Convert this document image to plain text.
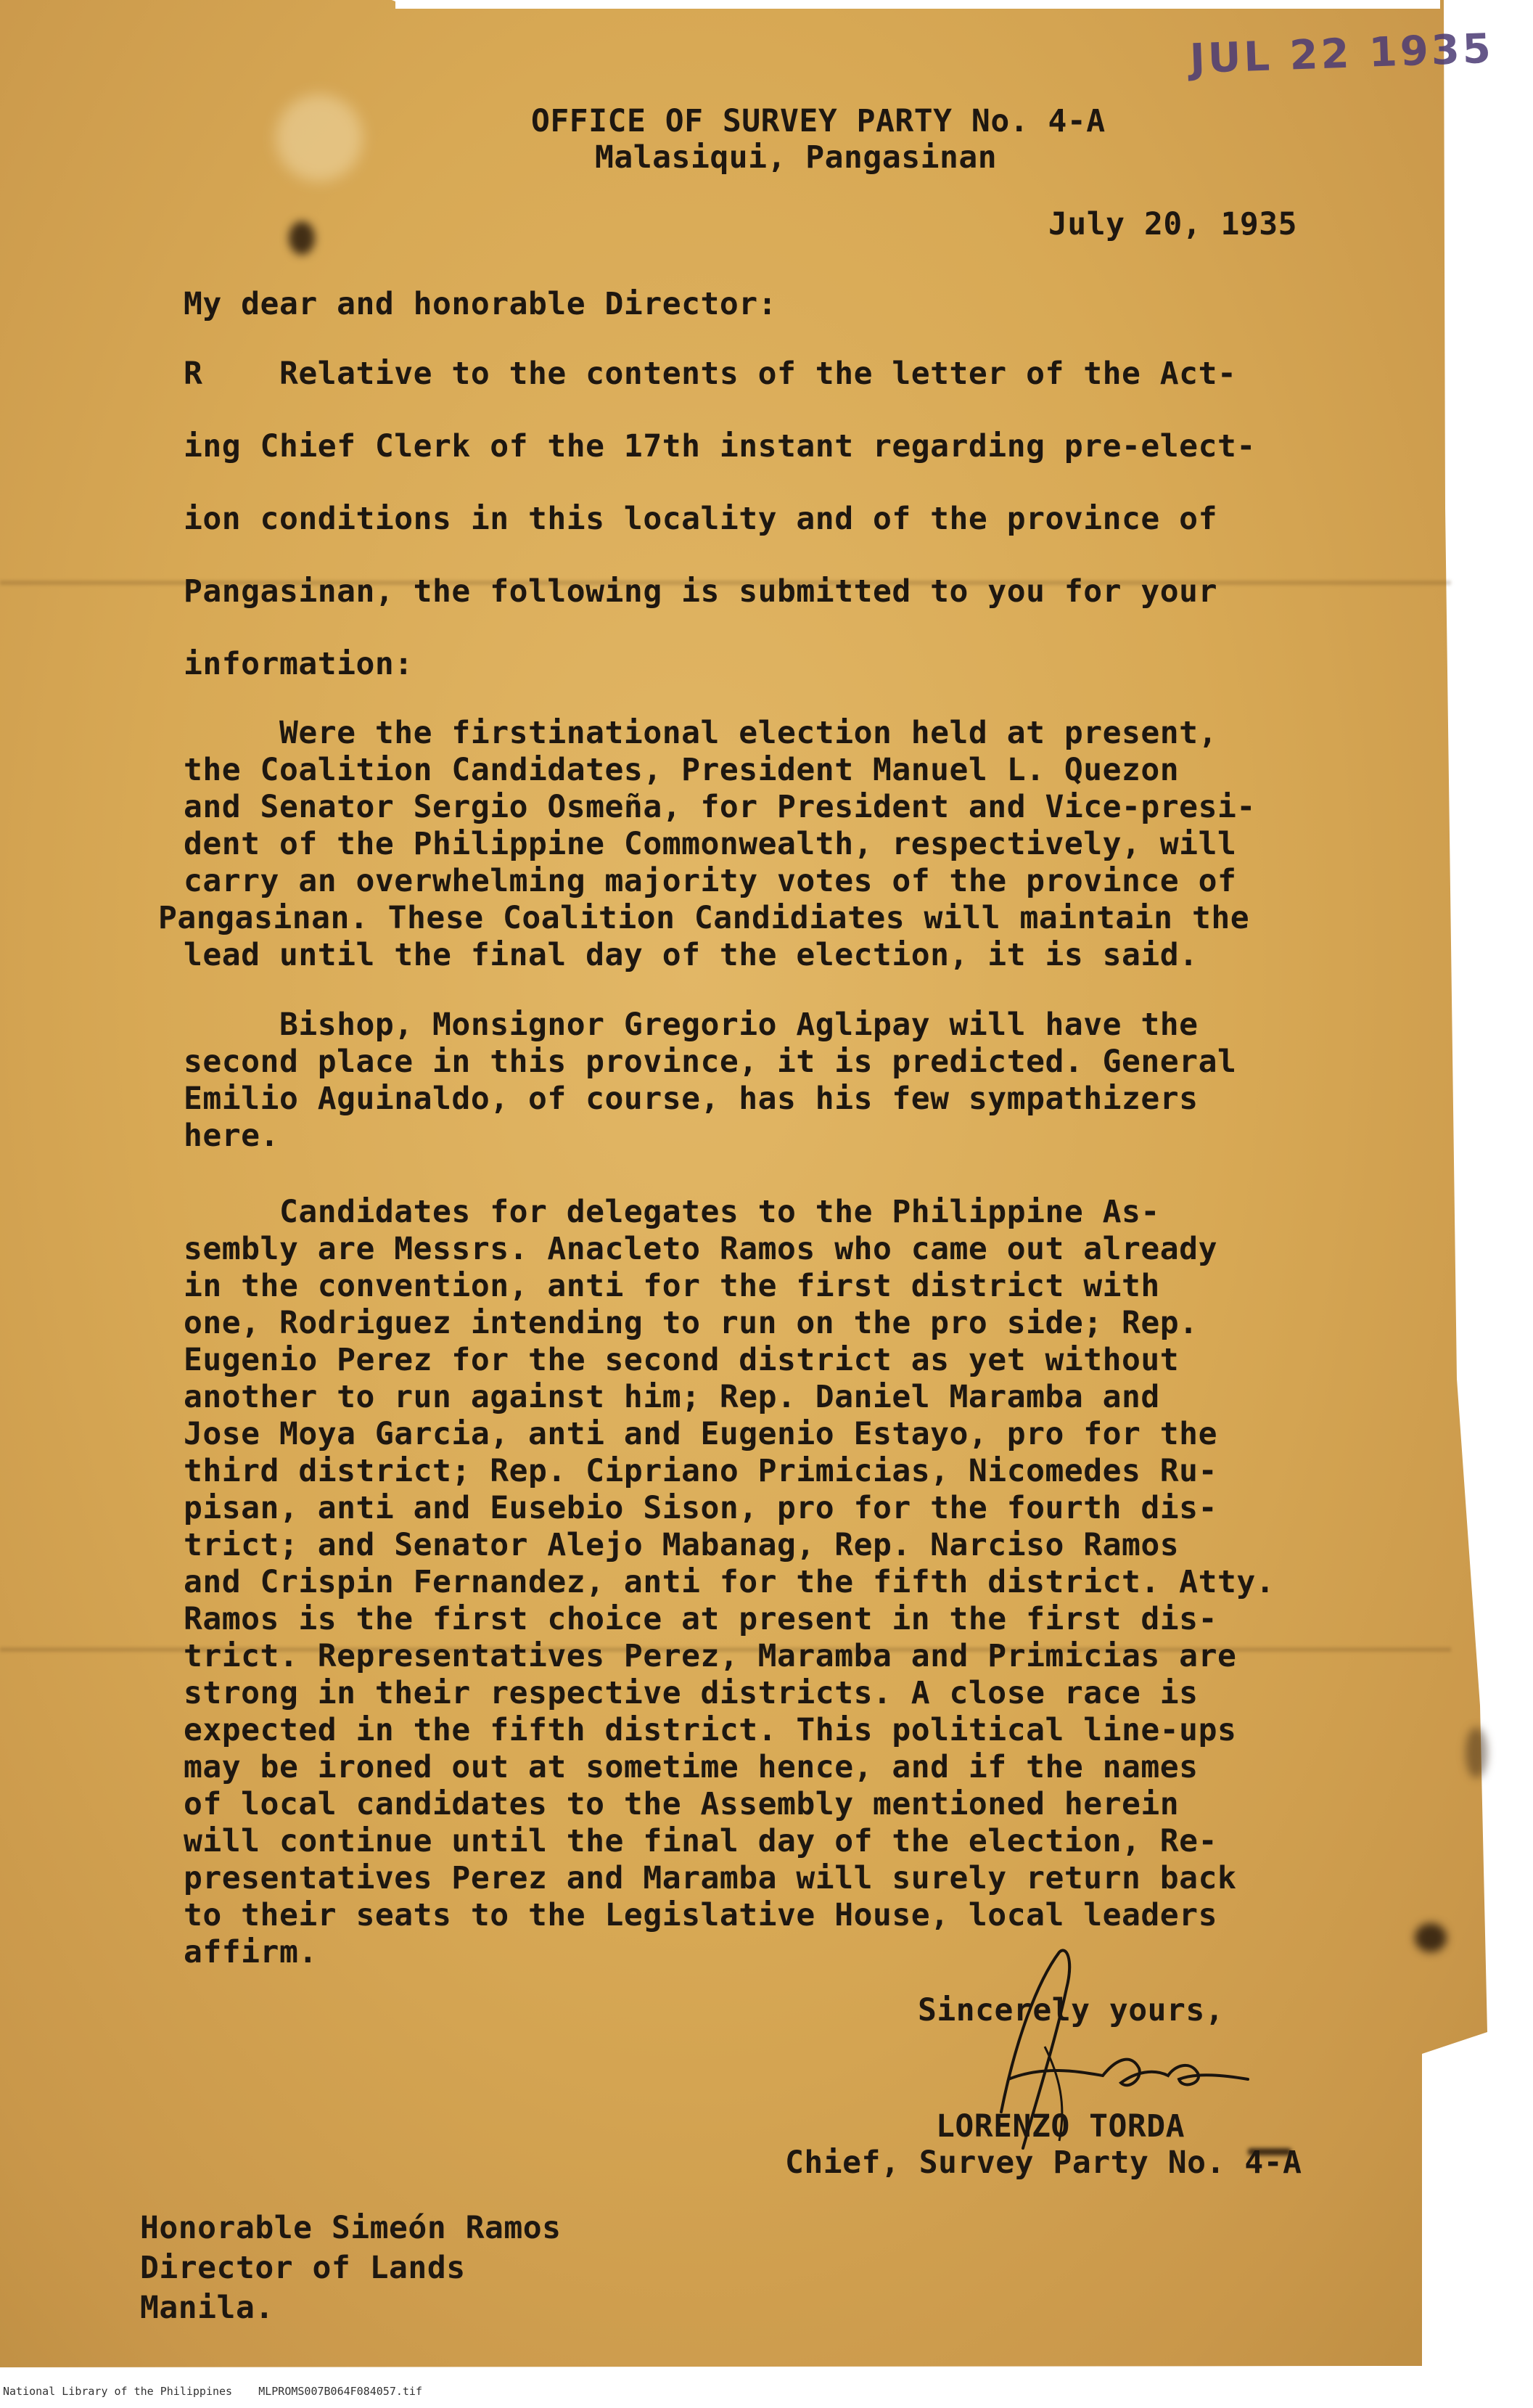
JUL 22 1935
OFFICE OF SURVEY PARTY No. 4-A
Malasiqui, Pangasinan
July 20, 1935
My dear and honorable Director:
R    Relative to the contents of the letter of the Act-
ing Chief Clerk of the 17th instant regarding pre-elect-
ion conditions in this locality and of the province of
Pangasinan, the following is submitted to you for your
information:
Were the firstinational election held at present,
the Coalition Candidates, President Manuel L. Quezon
and Senator Sergio Osmeña, for President and Vice-presi-
dent of the Philippine Commonwealth, respectively, will
carry an overwhelming majority votes of the province of
Pangasinan. These Coalition Candidiates will maintain the
lead until the final day of the election, it is said.
Bishop, Monsignor Gregorio Aglipay will have the
second place in this province, it is predicted. General
Emilio Aguinaldo, of course, has his few sympathizers
here.
Candidates for delegates to the Philippine As-
sembly are Messrs. Anacleto Ramos who came out already
in the convention, anti for the first district with
one, Rodriguez intending to run on the pro side; Rep.
Eugenio Perez for the second district as yet without
another to run against him; Rep. Daniel Maramba and
Jose Moya Garcia, anti and Eugenio Estayo, pro for the
third district; Rep. Cipriano Primicias, Nicomedes Ru-
pisan, anti and Eusebio Sison, pro for the fourth dis-
trict; and Senator Alejo Mabanag, Rep. Narciso Ramos
and Crispin Fernandez, anti for the fifth district. Atty.
Ramos is the first choice at present in the first dis-
trict. Representatives Perez, Maramba and Primicias are
strong in their respective districts. A close race is
expected in the fifth district. This political line-ups
may be ironed out at sometime hence, and if the names
of local candidates to the Assembly mentioned herein
will continue until the final day of the election, Re-
presentatives Perez and Maramba will surely return back
to their seats to the Legislative House, local leaders
affirm.
Sincerely yours,
LORENZO TORDA
Chief, Survey Party No. 4-A
Honorable Simeón Ramos
Director of Lands
Manila.
National Library of the Philippines    MLPROMS007B064F084057.tif
